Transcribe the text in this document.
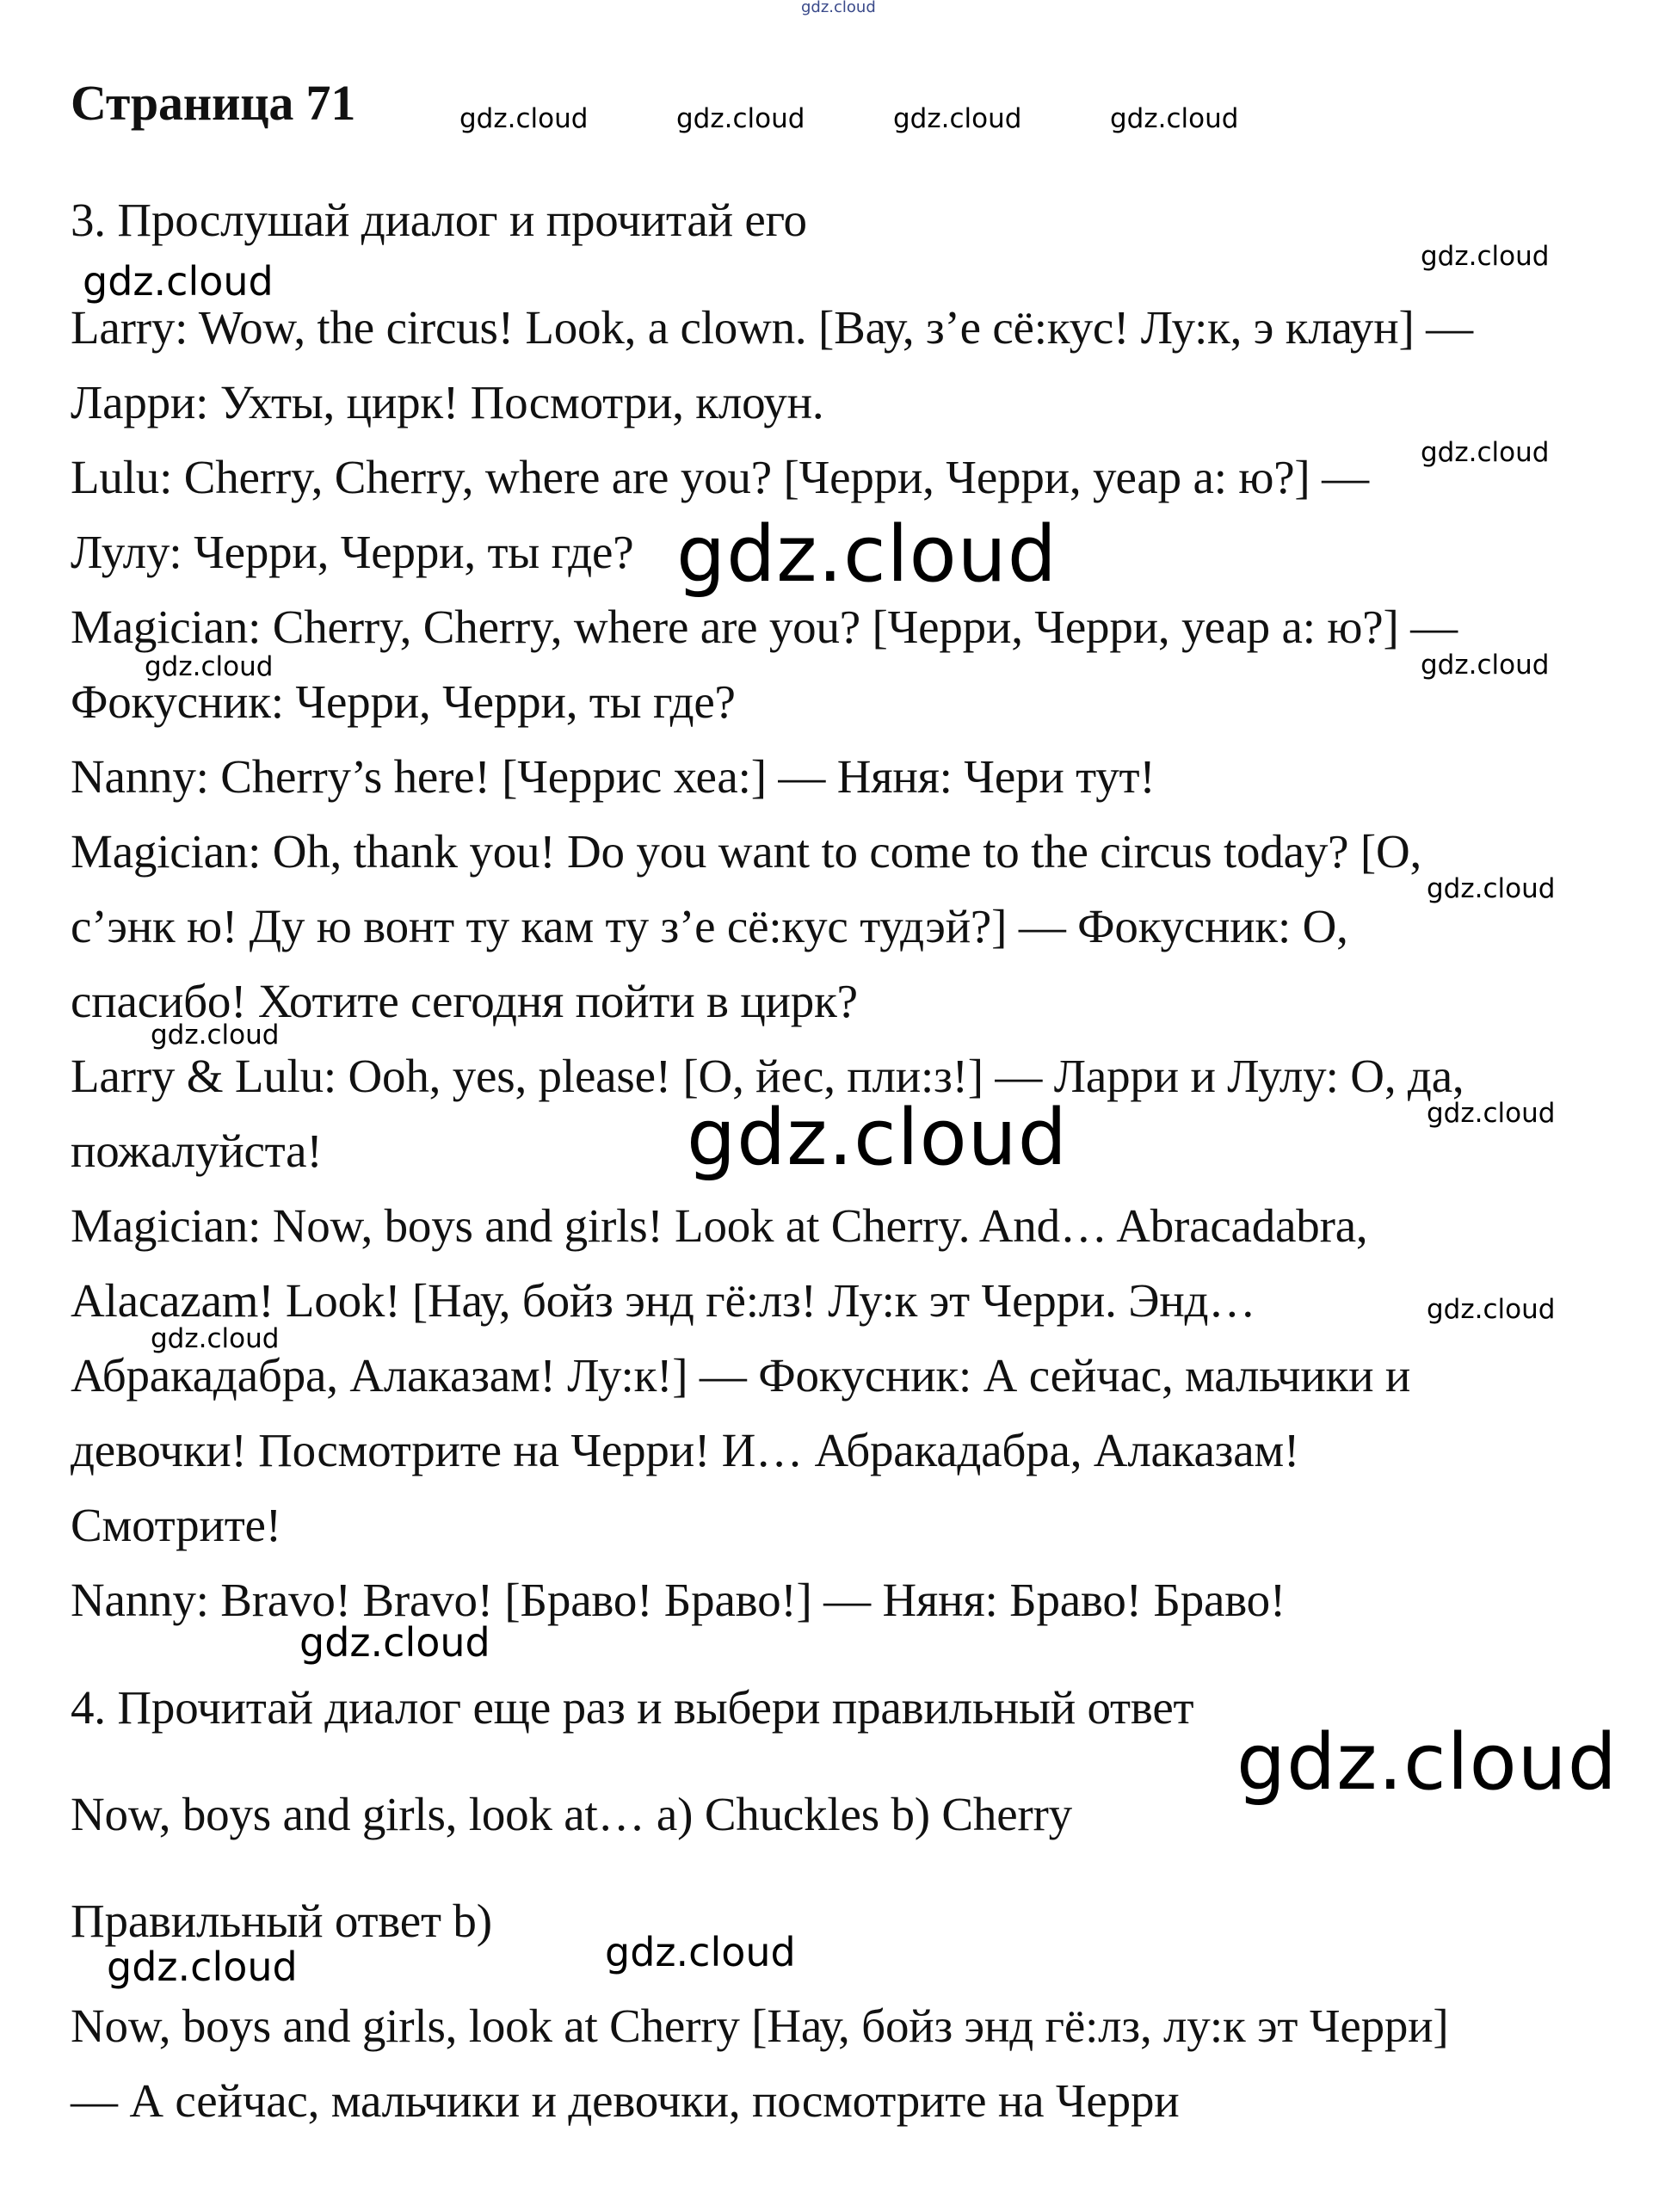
gdz.cloud
Страница 71	gdz.cloud	gdz.cloud	gdz.cloud	gdz.cloud
3. Прослушай диалог и прочитай его
gdz.cloud
gdz.cloud
Larry: Wow, the circus! Look, a clown. [Вау, з’е сё:кус! Лу:к, э клаун] —
Ларри: Ухты, цирк! Посмотри, клоун.
gdz.cloud
Lulu: Cherry, Cherry, where are you? [Черри, Черри, уеар а: ю?] —
Лулу: Черри, Черри, ты где? gdz.cloud
Magician: Cherry, Cherry, where are you? [Черри, Черри, уеар а: ю?] —
gdz.cloud	gdz.cloud
Фокусник: Черри, Черри, ты где?
Nanny: Cherry’s here! [Черрис хеа:] — Няня: Чери тут!
Magician: Oh, thank you! Do you want to come to the circus today? [О,
gdz.cloud
с’энк ю! Ду ю вонт ту кам ту з’е сё:кус тудэй?] — Фокусник: О,
спасибо! Хотите сегодня пойти в цирк?
gdz.cloud
Larry & Lulu: Ooh, yes, please! [О, йес, пли:з!] — Ларри и Лулу: О, да,
gdz.cloud
пожалуйста!	gdz.cloud
Magician: Now, boys and girls! Look at Cherry. And… Abracadabra,
Alacazam! Look! [Нау, бойз энд гё:лз! Лу:к эт Черри. Энд…	gdz.cloud
gdz.cloud
Абракадабра, Алаказам! Лу:к!] — Фокусник: А сейчас, мальчики и
девочки! Посмотрите на Черри! И… Абракадабра, Алаказам!
Смотрите!
Nanny: Bravo! Bravo! [Браво! Браво!] — Няня: Браво! Браво!
gdz.cloud
4. Прочитай диалог еще раз и выбери правильный ответ
gdz.cloud
Now, boys and girls, look at… a) Chuckles b) Cherry
Правильный ответ b)
gdz.cloud	gdz.cloud
Now, boys and girls, look at Cherry [Нау, бойз энд гё:лз, лу:к эт Черри]
— А сейчас, мальчики и девочки, посмотрите на Черри
